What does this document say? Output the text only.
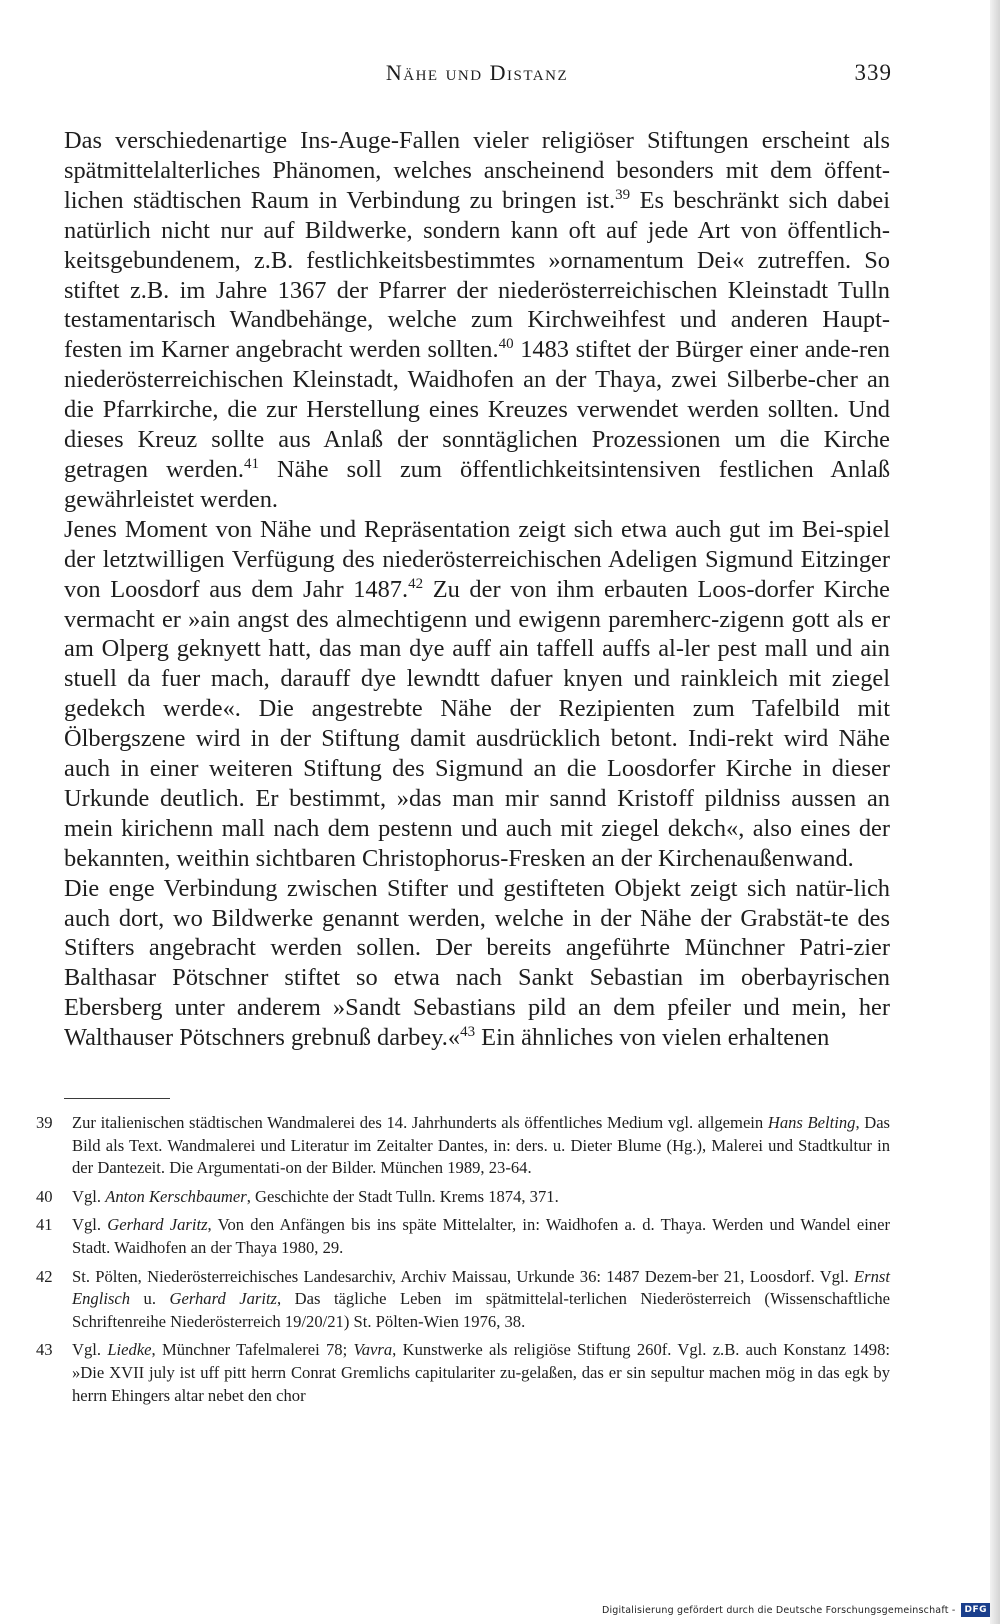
Nähe und Distanz	339

Das verschiedenartige Ins-Auge-Fallen vieler religiöser Stiftungen erscheint als spätmittelalterliches Phänomen, welches anscheinend besonders mit dem öffent-lichen städtischen Raum in Verbindung zu bringen ist.$^{39}$ Es beschränkt sich dabei natürlich nicht nur auf Bildwerke, sondern kann oft auf jede Art von öffentlich-keitsgebundenem, z.B. festlichkeitsbestimmtes »ornamentum Dei« zutreffen. So stiftet z.B. im Jahre 1367 der Pfarrer der niederösterreichischen Kleinstadt Tulln testamentarisch Wandbehänge, welche zum Kirchweihfest und anderen Haupt-festen im Karner angebracht werden sollten.$^{40}$ 1483 stiftet der Bürger einer ande-ren niederösterreichischen Kleinstadt, Waidhofen an der Thaya, zwei Silberbe-cher an die Pfarrkirche, die zur Herstellung eines Kreuzes verwendet werden sollten. Und dieses Kreuz sollte aus Anlaß der sonntäglichen Prozessionen um die Kirche getragen werden.$^{41}$ Nähe soll zum öffentlichkeitsintensiven festlichen Anlaß gewährleistet werden.

Jenes Moment von Nähe und Repräsentation zeigt sich etwa auch gut im Bei-spiel der letztwilligen Verfügung des niederösterreichischen Adeligen Sigmund Eitzinger von Loosdorf aus dem Jahr 1487.42 Zu der von ihm erbauten Loos-dorfer Kirche vermacht er »ain angst des almechtigenn und ewigenn paremherc-zigenn gott als er am Olperg geknyett hatt, das man dye auff ain taffell auffs al-ler pest mall und ain stuell da fuer mach, darauff dye lewndtt dafuer knyen und rainkleich mit ziegel gedekch werde«. Die angestrebte Nähe der Rezipienten zum Tafelbild mit Ölbergszene wird in der Stiftung damit ausdrücklich betont. Indi-rekt wird Nähe auch in einer weiteren Stiftung des Sigmund an die Loosdorfer Kirche in dieser Urkunde deutlich. Er bestimmt, »das man mir sannd Kristoff pildniss aussen an mein kirichenn mall nach dem pestenn und auch mit ziegel dekch«, also eines der bekannten, weithin sichtbaren Christophorus-Fresken an der Kirchenaußenwand.

Die enge Verbindung zwischen Stifter und gestifteten Objekt zeigt sich natür-lich auch dort, wo Bildwerke genannt werden, welche in der Nähe der Grabstät-te des Stifters angebracht werden sollen. Der bereits angeführte Münchner Patri-zier Balthasar Pötschner stiftet so etwa nach Sankt Sebastian im oberbayrischen Ebersberg unter anderem »Sandt Sebastians pild an dem pfeiler und mein, her Walthauser Pötschners grebnuß darbey.«$^{43}$ Ein ähnliches von vielen erhaltenen

39 Zur italienischen städtischen Wandmalerei des 14. Jahrhunderts als öffentliches Medium vgl. allgemein Hans Belting, Das Bild als Text. Wandmalerei und Literatur im Zeitalter Dantes, in: ders. u. Dieter Blume (Hg.), Malerei und Stadtkultur in der Dantezeit. Die Argumentati-on der Bilder. München 1989, 23-64.
40 Vgl. Anton Kerschbaumer, Geschichte der Stadt Tulln. Krems 1874, 371.
41 Vgl. Gerhard Jaritz, Von den Anfängen bis ins späte Mittelalter, in: Waidhofen a. d. Thaya. Werden und Wandel einer Stadt. Waidhofen an der Thaya 1980, 29.
42 St. Pölten, Niederösterreichisches Landesarchiv, Archiv Maissau, Urkunde 36: 1487 Dezem-ber 21, Loosdorf. Vgl. Ernst Englisch u. Gerhard Jaritz, Das tägliche Leben im spätmittelal-terlichen Niederösterreich (Wissenschaftliche Schriftenreihe Niederösterreich 19/20/21) St. Pölten-Wien 1976, 38.
43 Vgl. Liedke, Münchner Tafelmalerei 78; Vavra, Kunstwerke als religiöse Stiftung 260f. Vgl. z.B. auch Konstanz 1498: »Die XVII july ist uff pitt herrn Conrat Gremlichs capitulariter zu-gelaßen, das er sin sepultur machen mög in das egk by herrn Ehingers altar nebet den chor
Digitalisierung gefördert durch die Deutsche Forschungsgemeinschaft -	DFG
